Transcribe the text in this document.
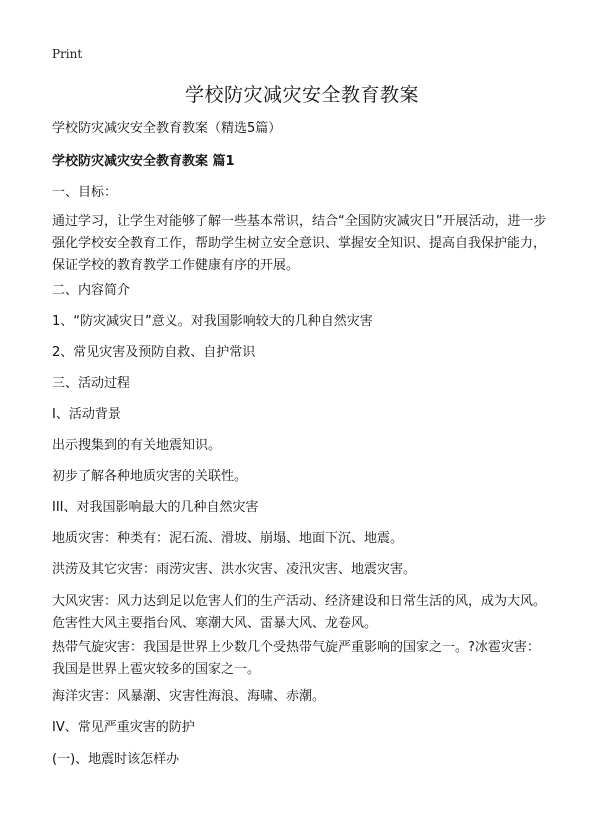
Print
学校防灾减灾安全教育教案

学校防灾减灾安全教育教案（精选5篇）

学校防灾减灾安全教育教案 篇1

一、目标：

通过学习，让学生对能够了解一些基本常识，结合“全国防灾减灾日”开展活动，进一步强化学校安全教育工作，帮助学生树立安全意识、掌握安全知识、提高自我保护能力，保证学校的教育教学工作健康有序的开展。

二、内容简介

1、“防灾减灾日”意义。对我国影响较大的几种自然灾害

2、常见灾害及预防自救、自护常识

三、活动过程

I、活动背景

出示搜集到的有关地震知识。

初步了解各种地质灾害的关联性。

III、对我国影响最大的几种自然灾害

地质灾害：种类有：泥石流、滑坡、崩塌、地面下沉、地震。

洪涝及其它灾害：雨涝灾害、洪水灾害、凌汛灾害、地震灾害。

大风灾害：风力达到足以危害人们的生产活动、经济建设和日常生活的风，成为大风。危害性大风主要指台风、寒潮大风、雷暴大风、龙卷风。

热带气旋灾害：我国是世界上少数几个受热带气旋严重影响的国家之一。?冰雹灾害：我国是世界上雹灾较多的国家之一。

海洋灾害：风暴潮、灾害性海浪、海啸、赤潮。

IV、常见严重灾害的防护

(一)、地震时该怎样办
